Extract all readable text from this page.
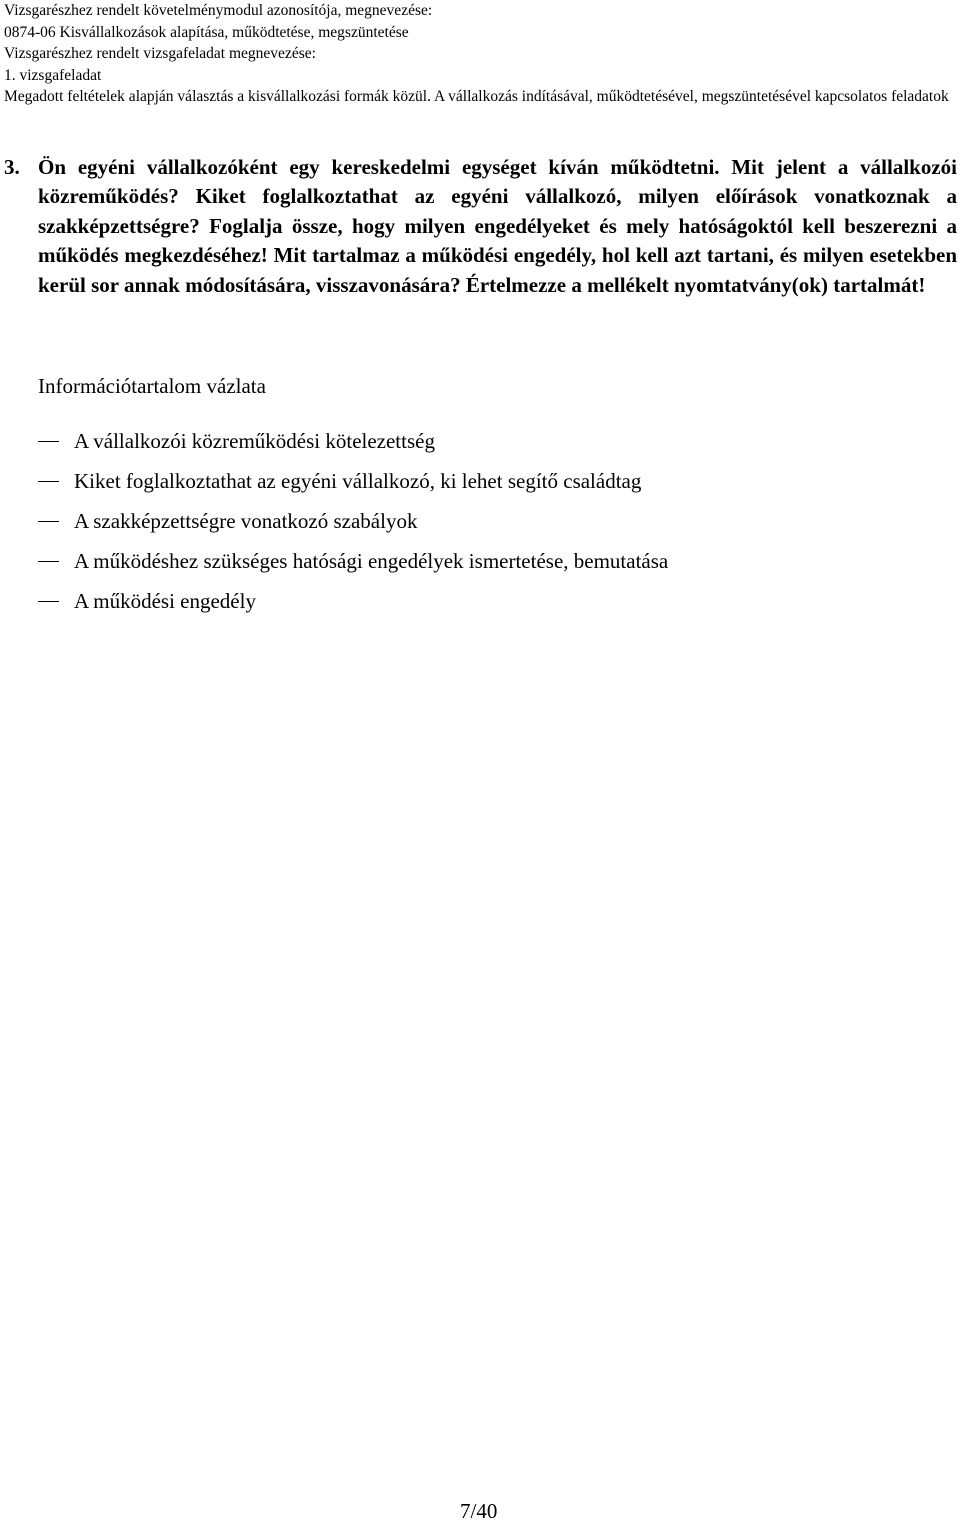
Vizsgarészhez rendelt követelménymodul azonosítója, megnevezése:
0874-06 Kisvállalkozások alapítása, működtetése, megszüntetése
Vizsgarészhez rendelt vizsgafeladat megnevezése:
1. vizsgafeladat
Megadott feltételek alapján választás a kisvállalkozási formák közül. A vállalkozás indításával, működtetésével, megszüntetésével kapcsolatos feladatok
3. Ön egyéni vállalkozóként egy kereskedelmi egységet kíván működtetni. Mit jelent a vállalkozói közreműködés? Kiket foglalkoztathat az egyéni vállalkozó, milyen előírások vonatkoznak a szakképzettségre? Foglalja össze, hogy milyen engedélyeket és mely hatóságoktól kell beszerezni a működés megkezdéséhez! Mit tartalmaz a működési engedély, hol kell azt tartani, és milyen esetekben kerül sor annak módosítására, visszavonására? Értelmezze a mellékelt nyomtatvány(ok) tartalmát!
Információtartalom vázlata
A vállalkozói közreműködési kötelezettség
Kiket foglalkoztathat az egyéni vállalkozó, ki lehet segítő családtag
A szakképzettségre vonatkozó szabályok
A működéshez szükséges hatósági engedélyek ismertetése, bemutatása
A működési engedély
7/40
